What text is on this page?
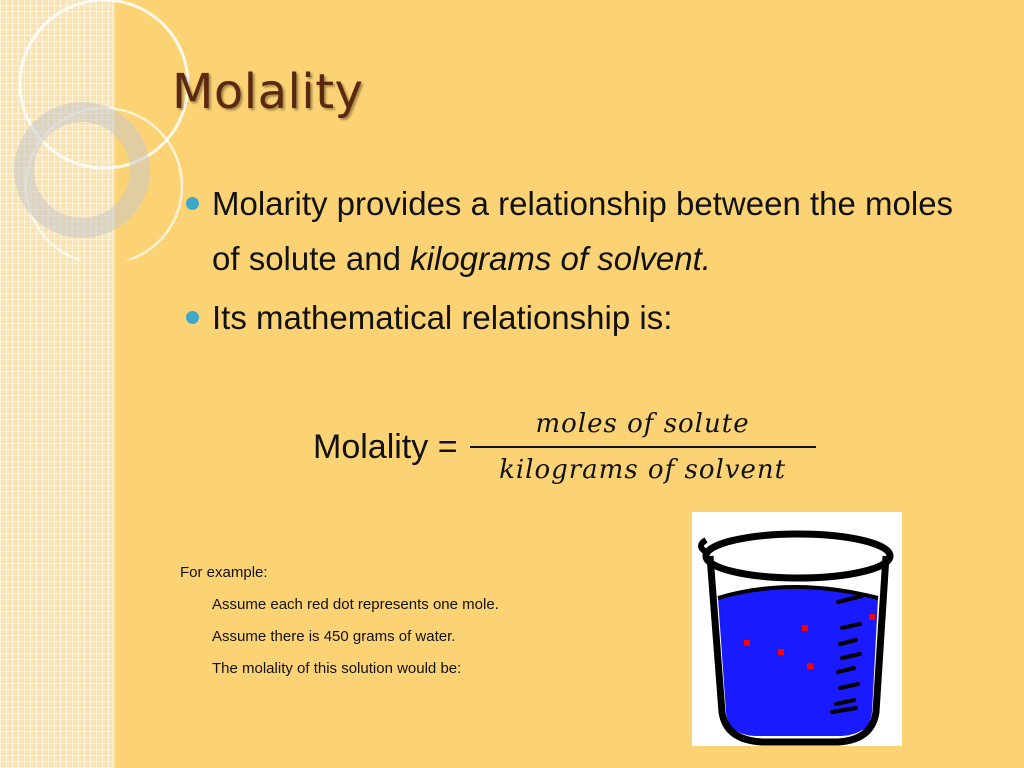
Molality
Molarity provides a relationship between the moles of solute and kilograms of solvent.
Its mathematical relationship is:
Molality = $\frac{\text{moles of solute}}{\text{kilograms of solvent}}$
For example:
Assume each red dot represents one mole.
Assume there is 450 grams of water.
The molality of this solution would be:
